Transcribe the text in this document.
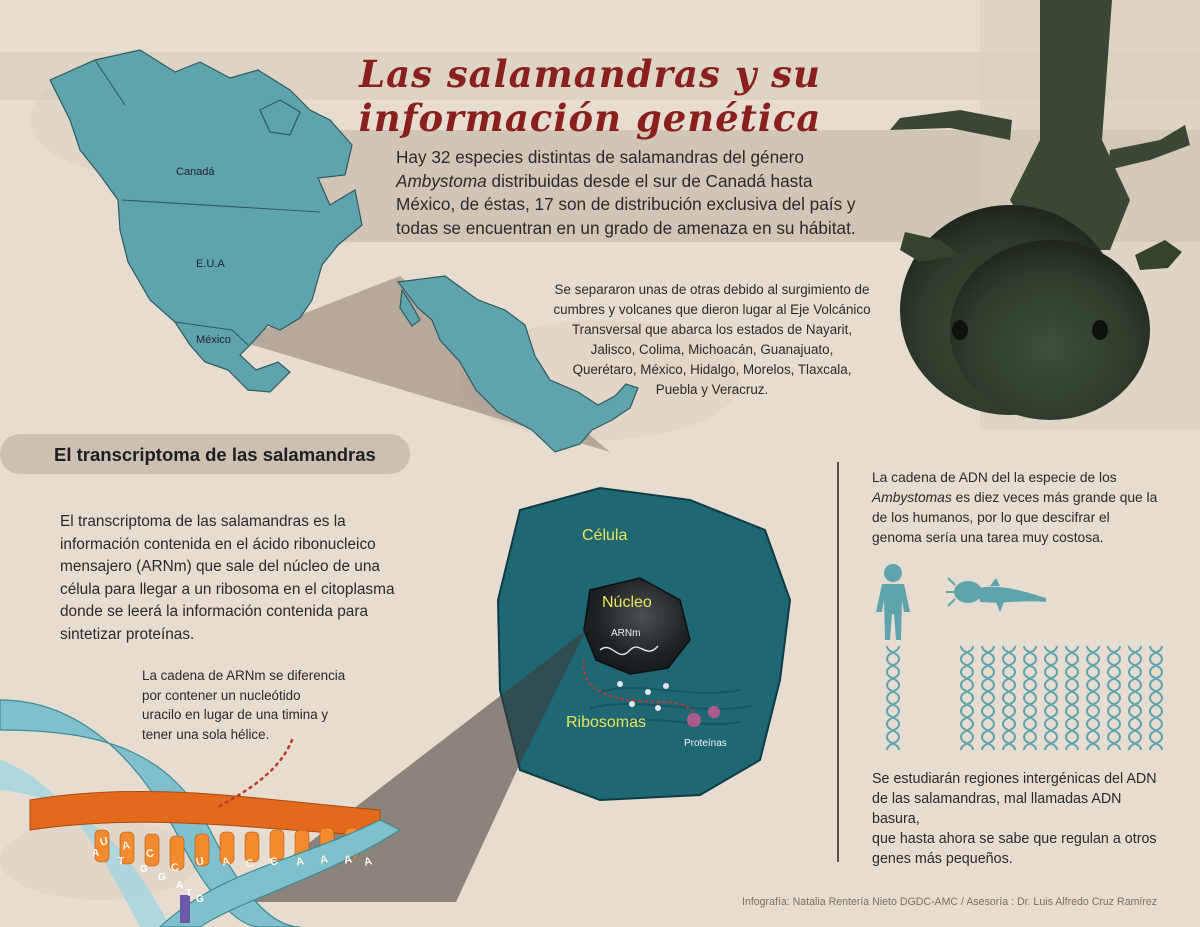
Las salamandras y su información genética
Hay 32 especies distintas de salamandras del género
Ambystoma distribuidas desde el sur de Canadá hasta
México, de éstas, 17 son de distribución exclusiva del país y
todas se encuentran en un grado de amenaza en su hábitat.
Canadá
E.U.A
México
Se separaron unas de otras debido al surgimiento de
cumbres y volcanes que dieron lugar al Eje Volcánico
Transversal que abarca los estados de Nayarit,
Jalisco, Colima, Michoacán, Guanajuato,
Querétaro, México, Hidalgo, Morelos, Tlaxcala,
Puebla y Veracruz.
El transcriptoma de las salamandras
El transcriptoma de las salamandras es la
información contenida en el ácido ribonucleico
mensajero (ARNm) que sale del núcleo de una
célula para llegar a un ribosoma en el citoplasma
donde se leerá la información contenida para
sintetizar proteínas.
La cadena de ARNm se diferencia
por contener un nucleótido
uracilo en lugar de una timina y
tener una sola hélice.
Célula
Núcleo
ARNm
Ribosomas
Proteínas
La cadena de ADN del la especie de los
Ambystomas es diez veces más grande que la
de los humanos, por lo que descifrar el
genoma sería una tarea muy costosa.
Se estudiarán regiones intergénicas del ADN
de las salamandras, mal llamadas ADN basura,
que hasta ahora se sabe que regulan a otros
genes más pequeños.
U A
C
C U A C C A A A A
A
T
G
G
A
T
G	Infografía: Natalia Rentería Nieto DGDC-AMC / Asesoría : Dr. Luis Alfredo Cruz Ramírez
